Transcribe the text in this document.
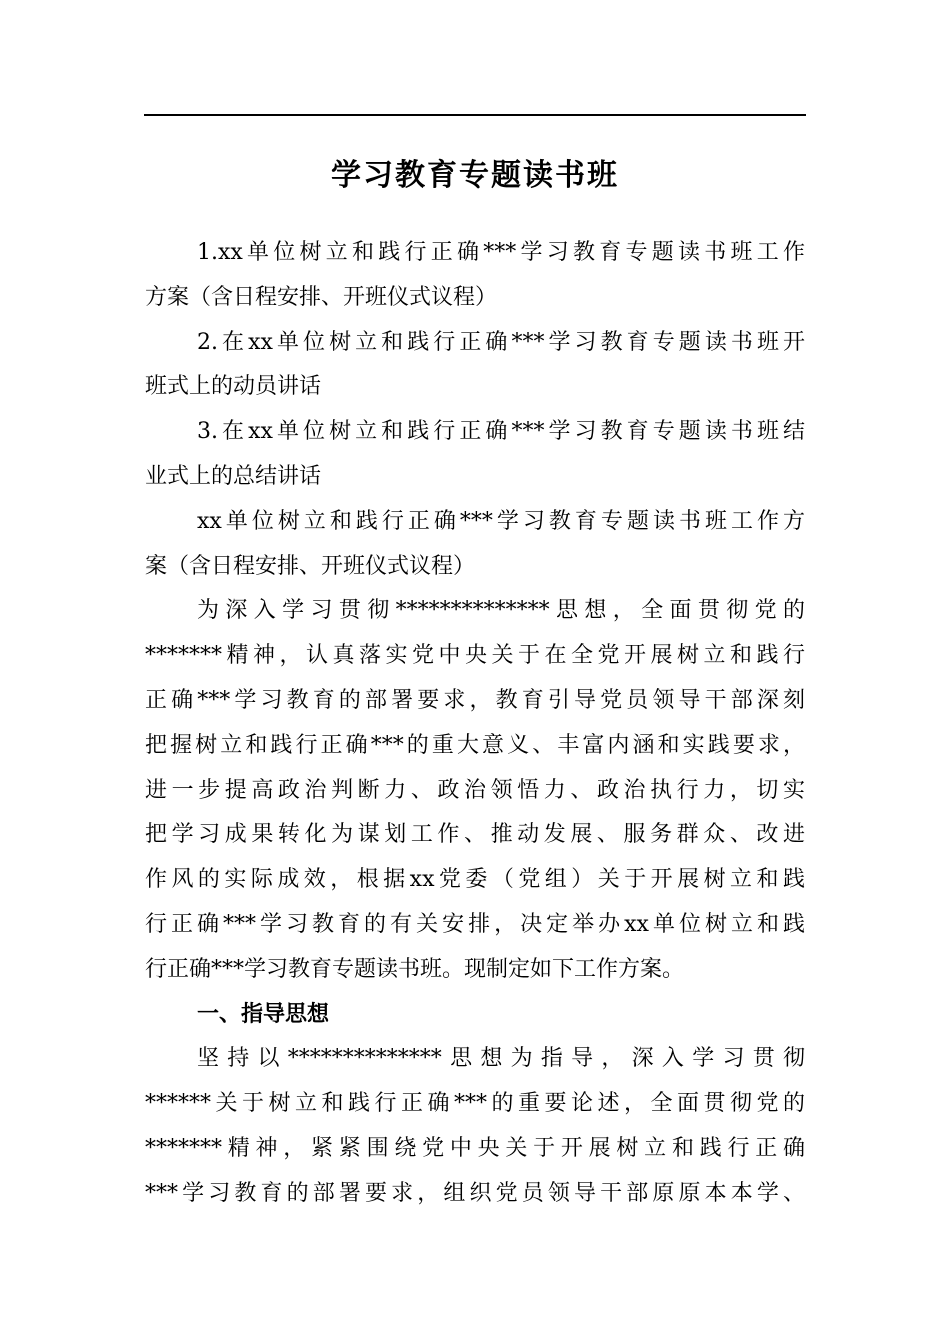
学习教育专题读书班
1.xx单位树立和践行正确***学习教育专题读书班工作
方案（含日程安排、开班仪式议程）
2.在xx单位树立和践行正确***学习教育专题读书班开
班式上的动员讲话
3.在xx单位树立和践行正确***学习教育专题读书班结
业式上的总结讲话
xx单位树立和践行正确***学习教育专题读书班工作方
案（含日程安排、开班仪式议程）
为深入学习贯彻**************思想，全面贯彻党的
*******精神，认真落实党中央关于在全党开展树立和践行
正确***学习教育的部署要求，教育引导党员领导干部深刻
把握树立和践行正确***的重大意义、丰富内涵和实践要求，
进一步提高政治判断力、政治领悟力、政治执行力，切实
把学习成果转化为谋划工作、推动发展、服务群众、改进
作风的实际成效，根据xx党委（党组）关于开展树立和践
行正确***学习教育的有关安排，决定举办xx单位树立和践
行正确***学习教育专题读书班。现制定如下工作方案。
一、指导思想
坚持以**************思想为指导，深入学习贯彻
******关于树立和践行正确***的重要论述，全面贯彻党的
*******精神，紧紧围绕党中央关于开展树立和践行正确
***学习教育的部署要求，组织党员领导干部原原本本学、
